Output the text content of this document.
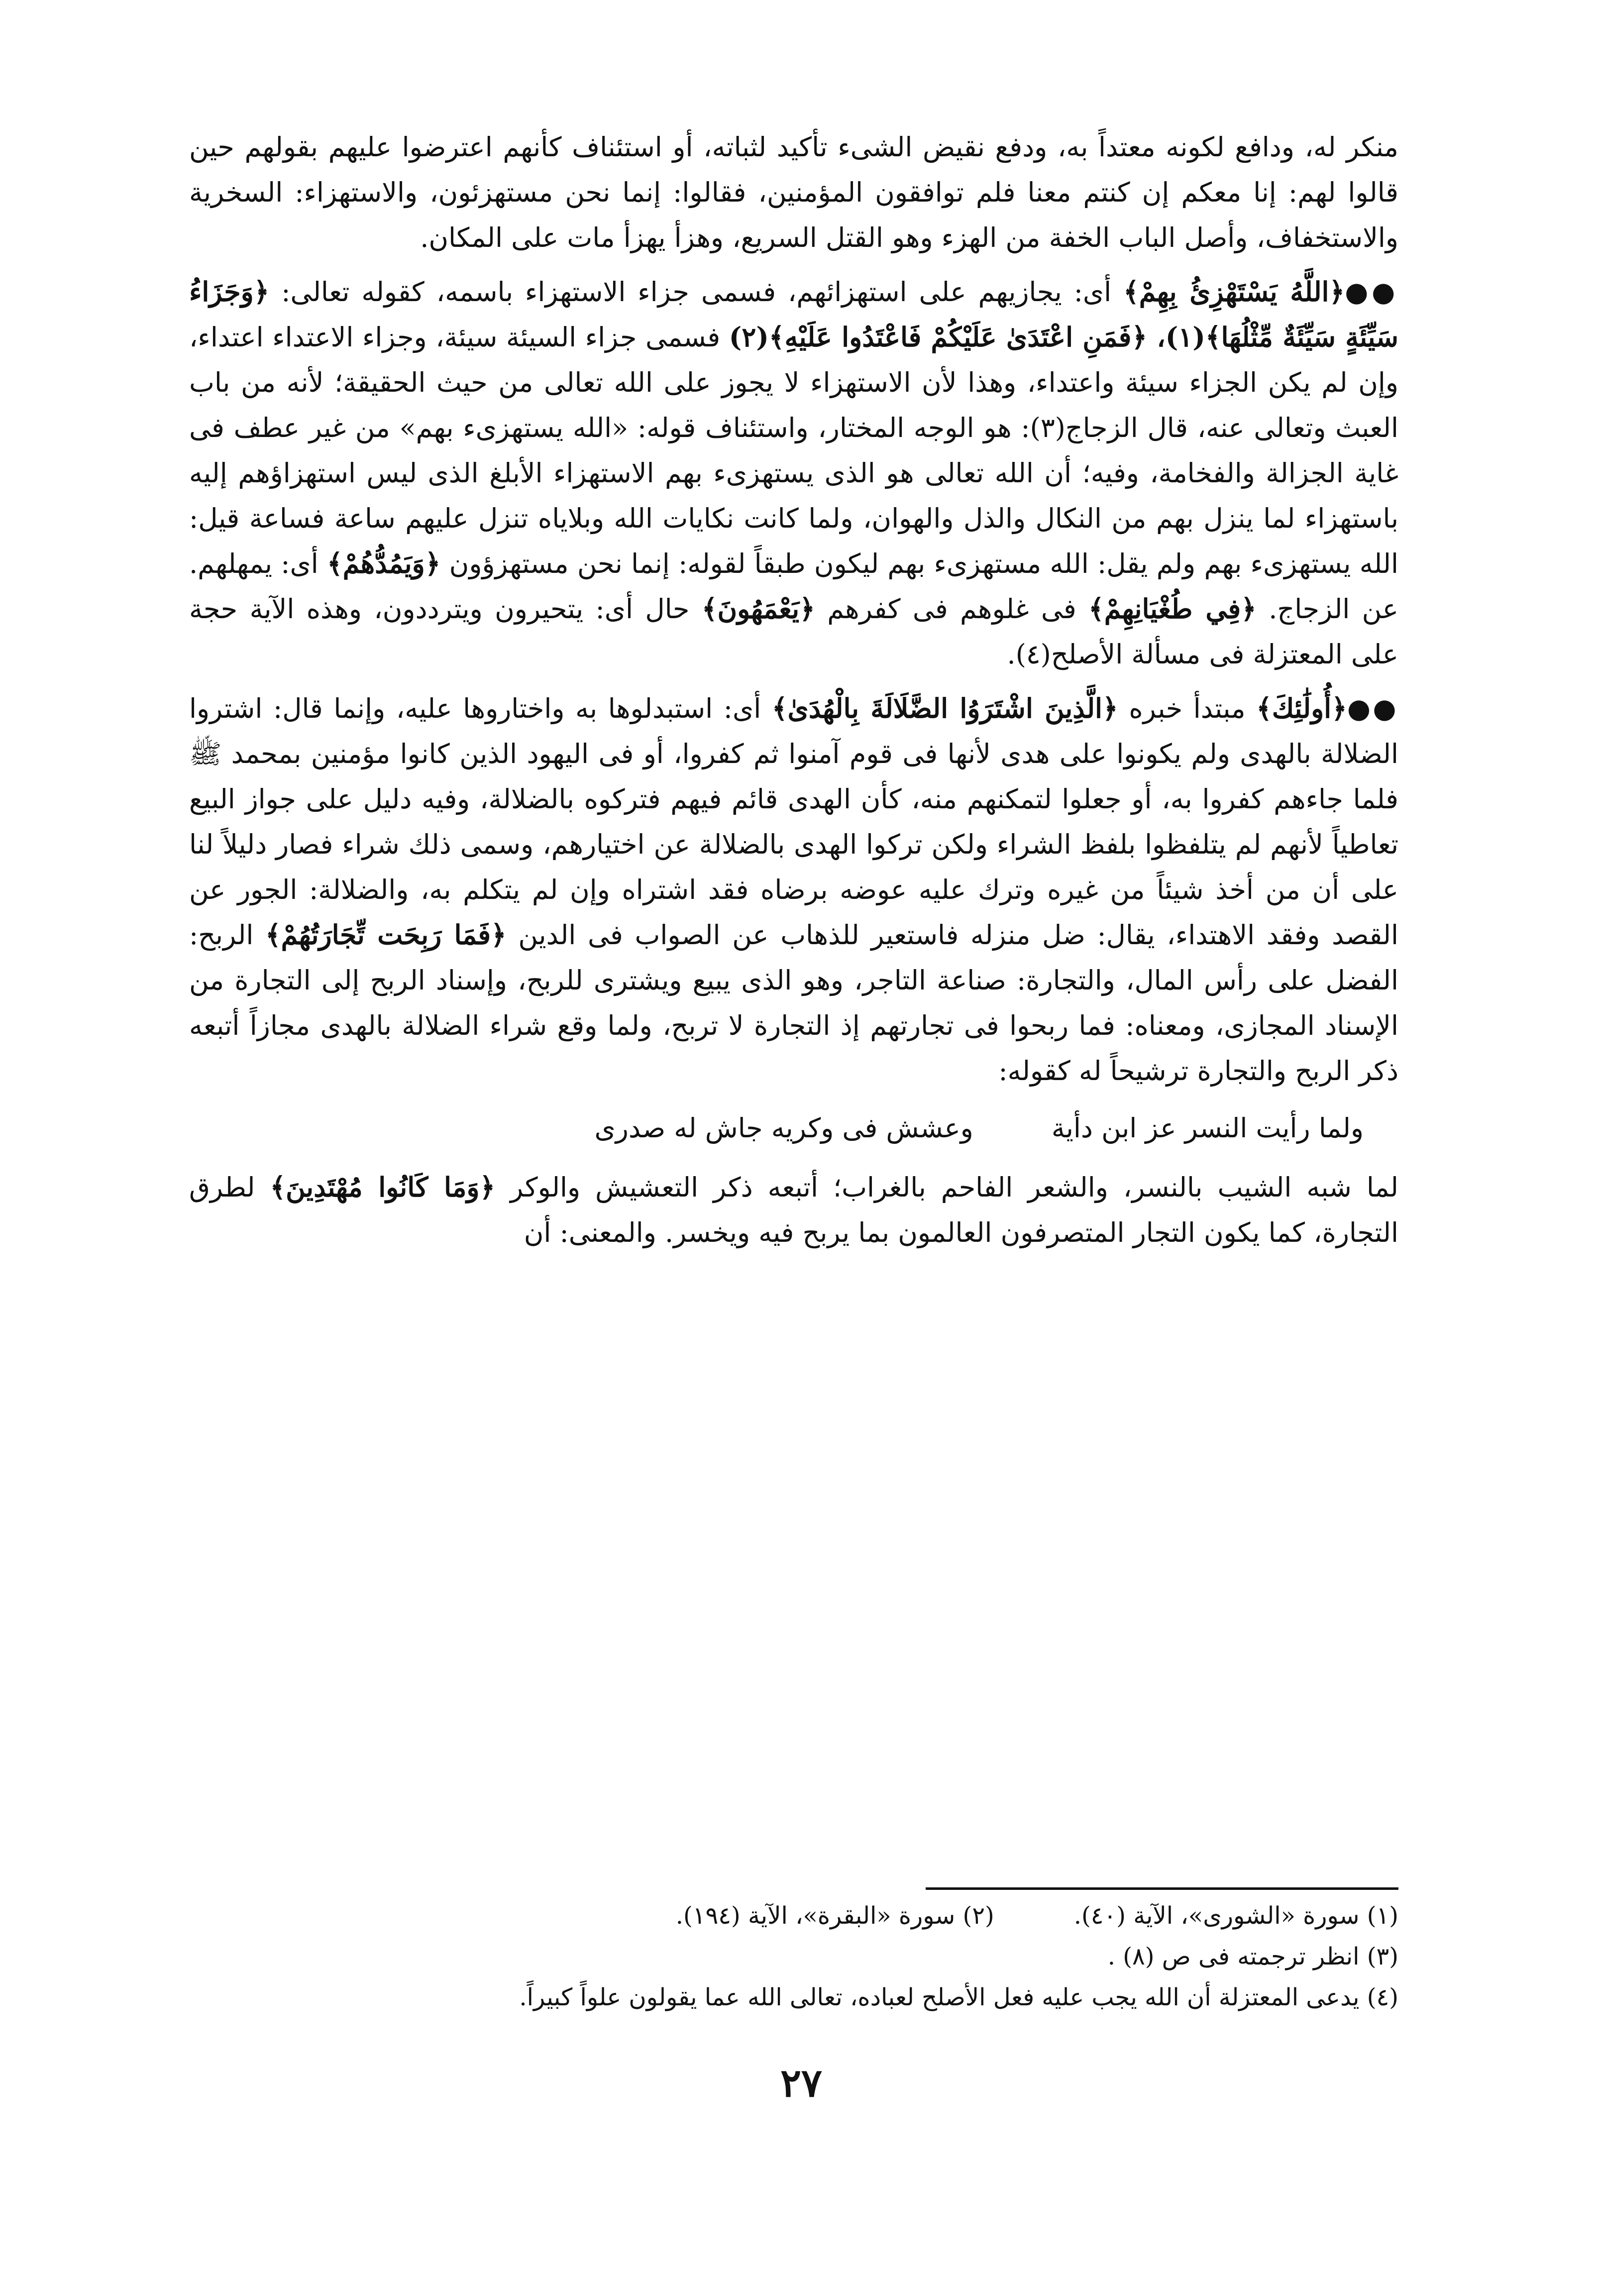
منكر له، ودافع لكونه معتداً به، ودفع نقيض الشىء تأكيد لثباته، أو استئناف كأنهم اعترضوا عليهم بقولهم حين قالوا لهم: إنا معكم إن كنتم معنا فلم توافقون المؤمنين، فقالوا: إنما نحن مستهزئون، والاستهزاء: السخرية والاستخفاف، وأصل الباب الخفة من الهزء وهو القتل السريع، وهزأ يهزأ مات على المكان.

●●﴿اللَّهُ يَسْتَهْزِئُ بِهِمْ﴾ أى: يجازيهم على استهزائهم، فسمى جزاء الاستهزاء باسمه، كقوله تعالى: ﴿وَجَزَاءُ سَيِّئَةٍ سَيِّئَةٌ مِّثْلُهَا﴾(١)، ﴿فَمَنِ اعْتَدَىٰ عَلَيْكُمْ فَاعْتَدُوا عَلَيْهِ﴾(٢) فسمى جزاء السيئة سيئة، وجزاء الاعتداء اعتداء، وإن لم يكن الجزاء سيئة واعتداء، وهذا لأن الاستهزاء لا يجوز على الله تعالى من حيث الحقيقة؛ لأنه من باب العبث وتعالى عنه، قال الزجاج(٣): هو الوجه المختار، واستئناف قوله: «الله يستهزىء بهم» من غير عطف فى غاية الجزالة والفخامة، وفيه؛ أن الله تعالى هو الذى يستهزىء بهم الاستهزاء الأبلغ الذى ليس استهزاؤهم إليه باستهزاء لما ينزل بهم من النكال والذل والهوان، ولما كانت نكايات الله وبلاياه تنزل عليهم ساعة فساعة قيل: الله يستهزىء بهم ولم يقل: الله مستهزىء بهم ليكون طبقاً لقوله: إنما نحن مستهزؤون ﴿وَيَمُدُّهُمْ﴾ أى: يمهلهم. عن الزجاج. ﴿فِي طُغْيَانِهِمْ﴾ فى غلوهم فى كفرهم ﴿يَعْمَهُونَ﴾ حال أى: يتحيرون ويترددون، وهذه الآية حجة على المعتزلة فى مسألة الأصلح(٤).

●●﴿أُولَٰئِكَ﴾ مبتدأ خبره ﴿الَّذِينَ اشْتَرَوُا الضَّلَالَةَ بِالْهُدَىٰ﴾ أى: استبدلوها به واختاروها عليه، وإنما قال: اشتروا الضلالة بالهدى ولم يكونوا على هدى لأنها فى قوم آمنوا ثم كفروا، أو فى اليهود الذين كانوا مؤمنين بمحمد ﷺ فلما جاءهم كفروا به، أو جعلوا لتمكنهم منه، كأن الهدى قائم فيهم فتركوه بالضلالة، وفيه دليل على جواز البيع تعاطياً لأنهم لم يتلفظوا بلفظ الشراء ولكن تركوا الهدى بالضلالة عن اختيارهم، وسمى ذلك شراء فصار دليلاً لنا على أن من أخذ شيئاً من غيره وترك عليه عوضه برضاه فقد اشتراه وإن لم يتكلم به، والضلالة: الجور عن القصد وفقد الاهتداء، يقال: ضل منزله فاستعير للذهاب عن الصواب فى الدين ﴿فَمَا رَبِحَت تِّجَارَتُهُمْ﴾ الربح: الفضل على رأس المال، والتجارة: صناعة التاجر، وهو الذى يبيع ويشترى للربح، وإسناد الربح إلى التجارة من الإسناد المجازى، ومعناه: فما ربحوا فى تجارتهم إذ التجارة لا تربح، ولما وقع شراء الضلالة بالهدى مجازاً أتبعه ذكر الربح والتجارة ترشيحاً له كقوله:

ولما رأيت النسر عز ابن دأية وعشش فى وكريه جاش له صدرى

لما شبه الشيب بالنسر، والشعر الفاحم بالغراب؛ أتبعه ذكر التعشيش والوكر ﴿وَمَا كَانُوا مُهْتَدِينَ﴾ لطرق التجارة، كما يكون التجار المتصرفون العالمون بما يربح فيه ويخسر. والمعنى: أن

(١) سورة «الشورى»، الآية (٤٠).(٢) سورة «البقرة»، الآية (١٩٤).
(٣) انظر ترجمته فى ص (٨) .
(٤) يدعى المعتزلة أن الله يجب عليه فعل الأصلح لعباده، تعالى الله عما يقولون علواً كبيراً.
٢٧
